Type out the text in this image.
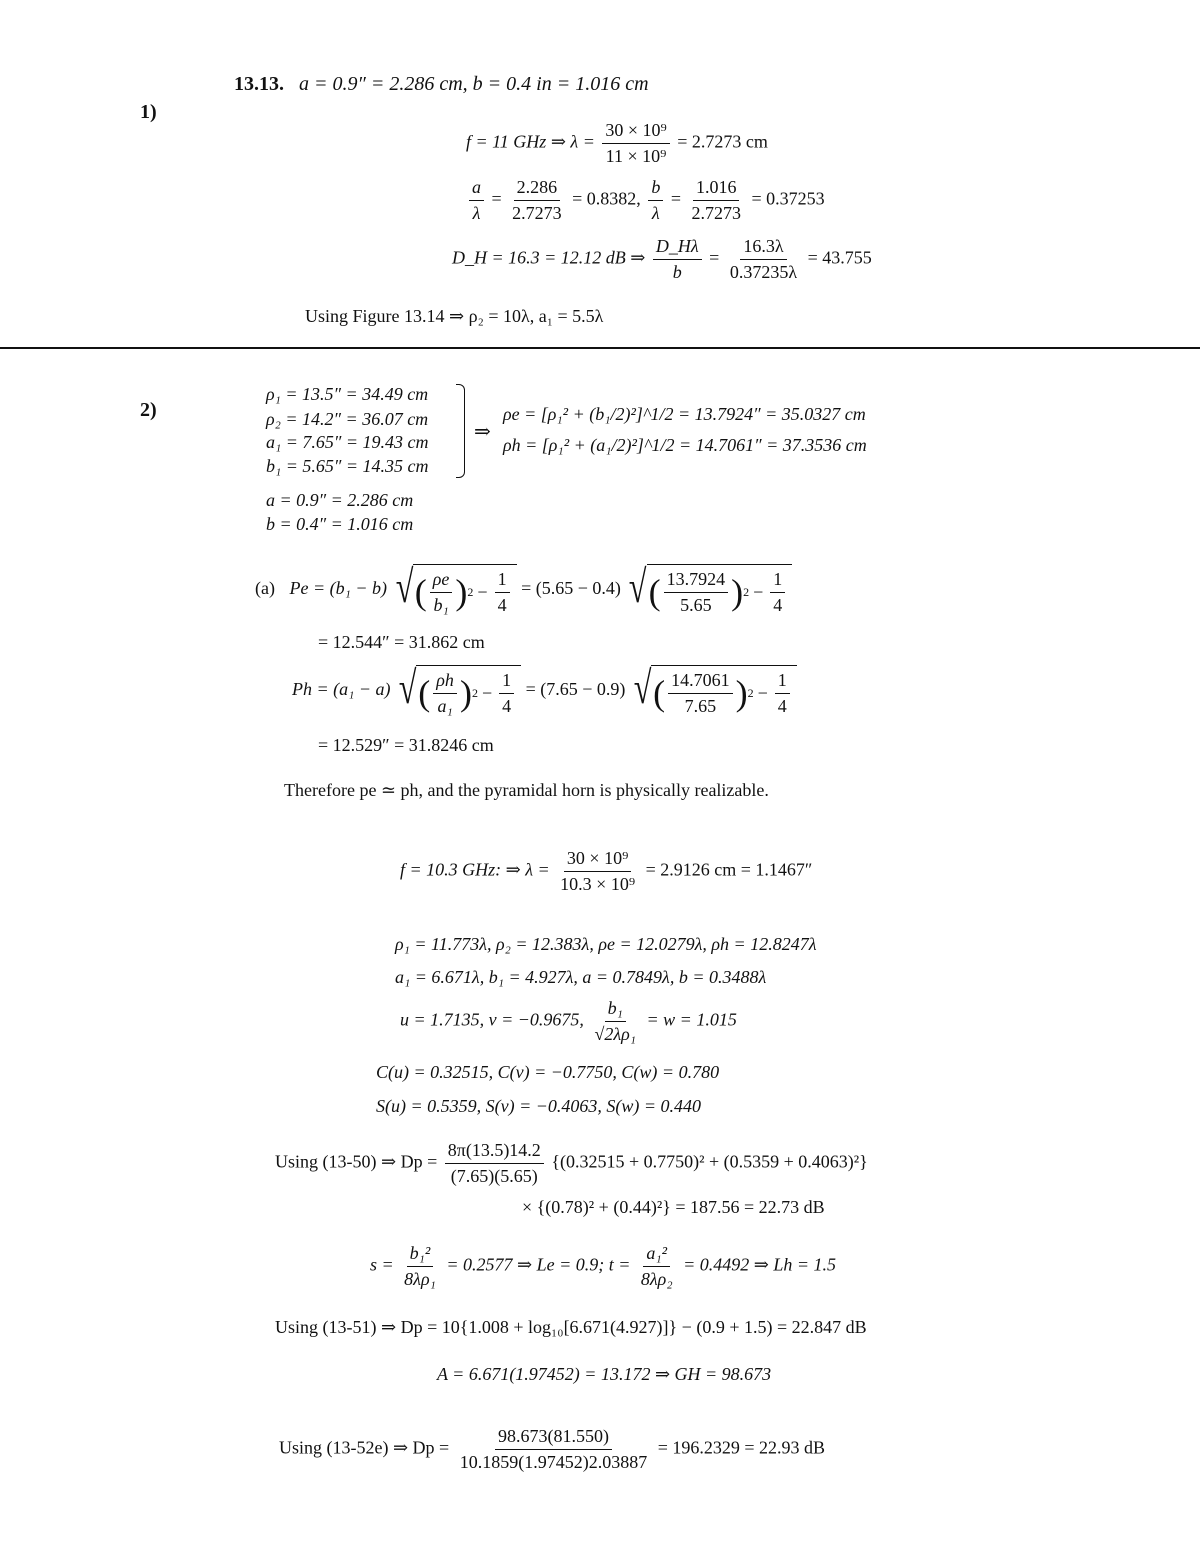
1)
13.13. a = 0.9″ = 2.286 cm, b = 0.4 in = 1.016 cm
f = 11 GHz ⇒ $\lambda = \frac{\text{30 × 10⁹}}{\text{11 × 10⁹}} = 2.7273$ cm
$\frac{a}{\lambda} = \frac{2.286}{2.7273} = 0.8382$, $\frac{b}{\lambda} = \frac{1.016}{2.7273} = 0.37253$
D_H = 16.3 = 12.12 dB ⇒ $\frac{D\_H\lambda}{b} = \frac{16.3\lambda}{0.37235\lambda} = 43.755$
Using Figure 13.14 ⇒ ρ₂ = 10λ, a₁ = 5.5λ
2)
ρ₁ = 13.5″ = 34.49 cm
ρ₂ = 14.2″ = 36.07 cm
a₁ = 7.65″ = 19.43 cm
b₁ = 5.65″ = 14.35 cm
⇒
ρe = [ρ₁² + (b₁/2)²]^1/2 = 13.7924″ = 35.0327 cm
ρh = [ρ₁² + (a₁/2)²]^1/2 = 14.7061″ = 37.3536 cm
a = 0.9″ = 2.286 cm
b = 0.4″ = 1.016 cm
(a) Pe = (b₁ − b) √ ( $\frac{\rho e}{\text{b₁}}$ ) $2 - \frac{1}{4} = (5.65 - 0.4)$ √ ( $\frac{13.7924}{5.65}$ ) $2 - \frac{1}{4}$
= 12.544″ = 31.862 cm
Ph = (a₁ − a) √ ( $\frac{\rho h}{\text{a₁}}$ ) $2 - \frac{1}{4} = (7.65 - 0.9)$ √ ( $\frac{14.7061}{7.65}$ ) $2 - \frac{1}{4}$
= 12.529″ = 31.8246 cm
Therefore pe ≃ ph, and the pyramidal horn is physically realizable.
f = 10.3 GHz: ⇒ $\lambda = \frac{\text{30 × 10⁹}}{\text{10.3 × 10⁹}} = 2.9126$ cm = 1.1467″
ρ₁ = 11.773λ, ρ₂ = 12.383λ, ρe = 12.0279λ, ρh = 12.8247λ
a₁ = 6.671λ, b₁ = 4.927λ, a = 0.7849λ, b = 0.3488λ
u = 1.7135, v = −0.9675, $\frac{\text{b₁}}{\text{√2λρ₁}} = w = 1.015$
C(u) = 0.32515, C(v) = −0.7750, C(w) = 0.780
S(u) = 0.5359, S(v) = −0.4063, S(w) = 0.440
Using (13-50) ⇒ $Dp = \frac{8\pi(13.5)14.2}{(7.65)(5.65)} \{(0.32515 + 0.7750)^2 + (0.5359 + 0.4063)^2\}$
× {(0.78)² + (0.44)²} = 187.56 = 22.73 dB
$s = \frac{\text{b₁²}}{\text{8λρ₁}} = 0.2577$ ⇒ Le = 0.9; $t = \frac{\text{a₁²}}{\text{8λρ₂}} = 0.4492$ ⇒ Lh = 1.5
Using (13-51) ⇒ Dp = 10{1.008 + log₁₀[6.671(4.927)]} − (0.9 + 1.5) = 22.847 dB
A = 6.671(1.97452) = 13.172 ⇒ GH = 98.673
Using (13-52e) ⇒ $Dp = \frac{98.673(81.550)}{10.1859(1.97452)2.03887} = 196.2329 = 22.93$ dB
